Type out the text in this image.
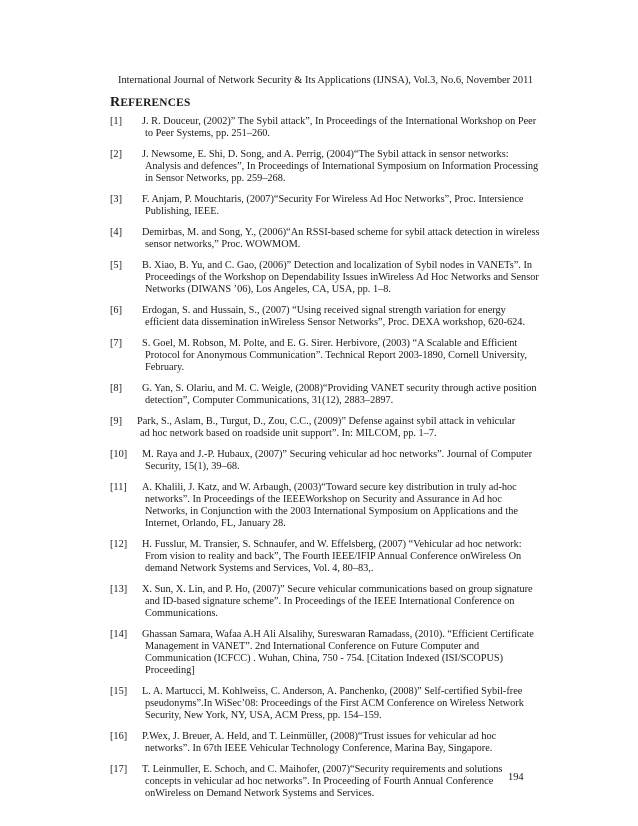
International Journal of Network Security & Its Applications (IJNSA), Vol.3, No.6, November 2011
REFERENCES
[1] J. R. Douceur, (2002)” The Sybil attack”, In Proceedings of the International Workshop on Peer
to Peer Systems, pp. 251–260.
[2] J. Newsome, E. Shi, D. Song, and A. Perrig, (2004)“The Sybil attack in sensor networks:
Analysis and defences”, In Proceedings of International Symposium on Information Processing
in Sensor Networks, pp. 259–268.
[3] F. Anjam, P. Mouchtaris, (2007)“Security For Wireless Ad Hoc Networks”, Proc. Intersience
Publishing, IEEE.
[4] Demirbas, M. and Song, Y., (2006)“An RSSI-based scheme for sybil attack detection in wireless
sensor networks,” Proc. WOWMOM.
[5] B. Xiao, B. Yu, and C. Gao, (2006)” Detection and localization of Sybil nodes in VANETs”. In
Proceedings of the Workshop on Dependability Issues inWireless Ad Hoc Networks and Sensor
Networks (DIWANS ’06), Los Angeles, CA, USA, pp. 1–8.
[6] Erdogan, S. and Hussain, S., (2007) “Using received signal strength variation for energy
efficient data dissemination inWireless Sensor Networks”, Proc. DEXA workshop, 620-624.
[7] S. Goel, M. Robson, M. Polte, and E. G. Sirer. Herbivore, (2003) “A Scalable and Efficient
Protocol for Anonymous Communication”. Technical Report 2003-1890, Cornell University,
February.
[8] G. Yan, S. Olariu, and M. C. Weigle, (2008)“Providing VANET security through active position
detection”, Computer Communications, 31(12), 2883–2897.
[9] Park, S., Aslam, B., Turgut, D., Zou, C.C., (2009)” Defense against sybil attack in vehicular
ad hoc network based on roadside unit support”. In: MILCOM, pp. 1–7.
[10] M. Raya and J.-P. Hubaux, (2007)” Securing vehicular ad hoc networks”. Journal of Computer
Security, 15(1), 39–68.
[11] A. Khalili, J. Katz, and W. Arbaugh, (2003)“Toward secure key distribution in truly ad-hoc
networks”. In Proceedings of the IEEEWorkshop on Security and Assurance in Ad hoc
Networks, in Conjunction with the 2003 International Symposium on Applications and the
Internet, Orlando, FL, January 28.
[12] H. Fusslur, M. Transier, S. Schnaufer, and W. Effelsberg, (2007) “Vehicular ad hoc network:
From vision to reality and back”, The Fourth IEEE/IFIP Annual Conference onWireless On
demand Network Systems and Services, Vol. 4, 80–83,.
[13] X. Sun, X. Lin, and P. Ho, (2007)” Secure vehicular communications based on group signature
and ID-based signature scheme”. In Proceedings of the IEEE International Conference on
Communications.
[14] Ghassan Samara, Wafaa A.H Ali Alsalihy, Sureswaran Ramadass, (2010). “Efficient Certificate
Management in VANET”. 2nd International Conference on Future Computer and
Communication (ICFCC) . Wuhan, China, 750 - 754. [Citation Indexed (ISI/SCOPUS)
Proceeding]
[15] L. A. Martucci, M. Kohlweiss, C. Anderson, A. Panchenko, (2008)” Self-certified Sybil-free
pseudonyms”.In WiSec’08: Proceedings of the First ACM Conference on Wireless Network
Security, New York, NY, USA, ACM Press, pp. 154–159.
[16] P.Wex, J. Breuer, A. Held, and T. Leinmüller, (2008)“Trust issues for vehicular ad hoc
networks”. In 67th IEEE Vehicular Technology Conference, Marina Bay, Singapore.
[17] T. Leinmuller, E. Schoch, and C. Maihofer, (2007)“Security requirements and solutions
concepts in vehicular ad hoc networks”. In Proceeding of Fourth Annual Conference
onWireless on Demand Network Systems and Services.
194
